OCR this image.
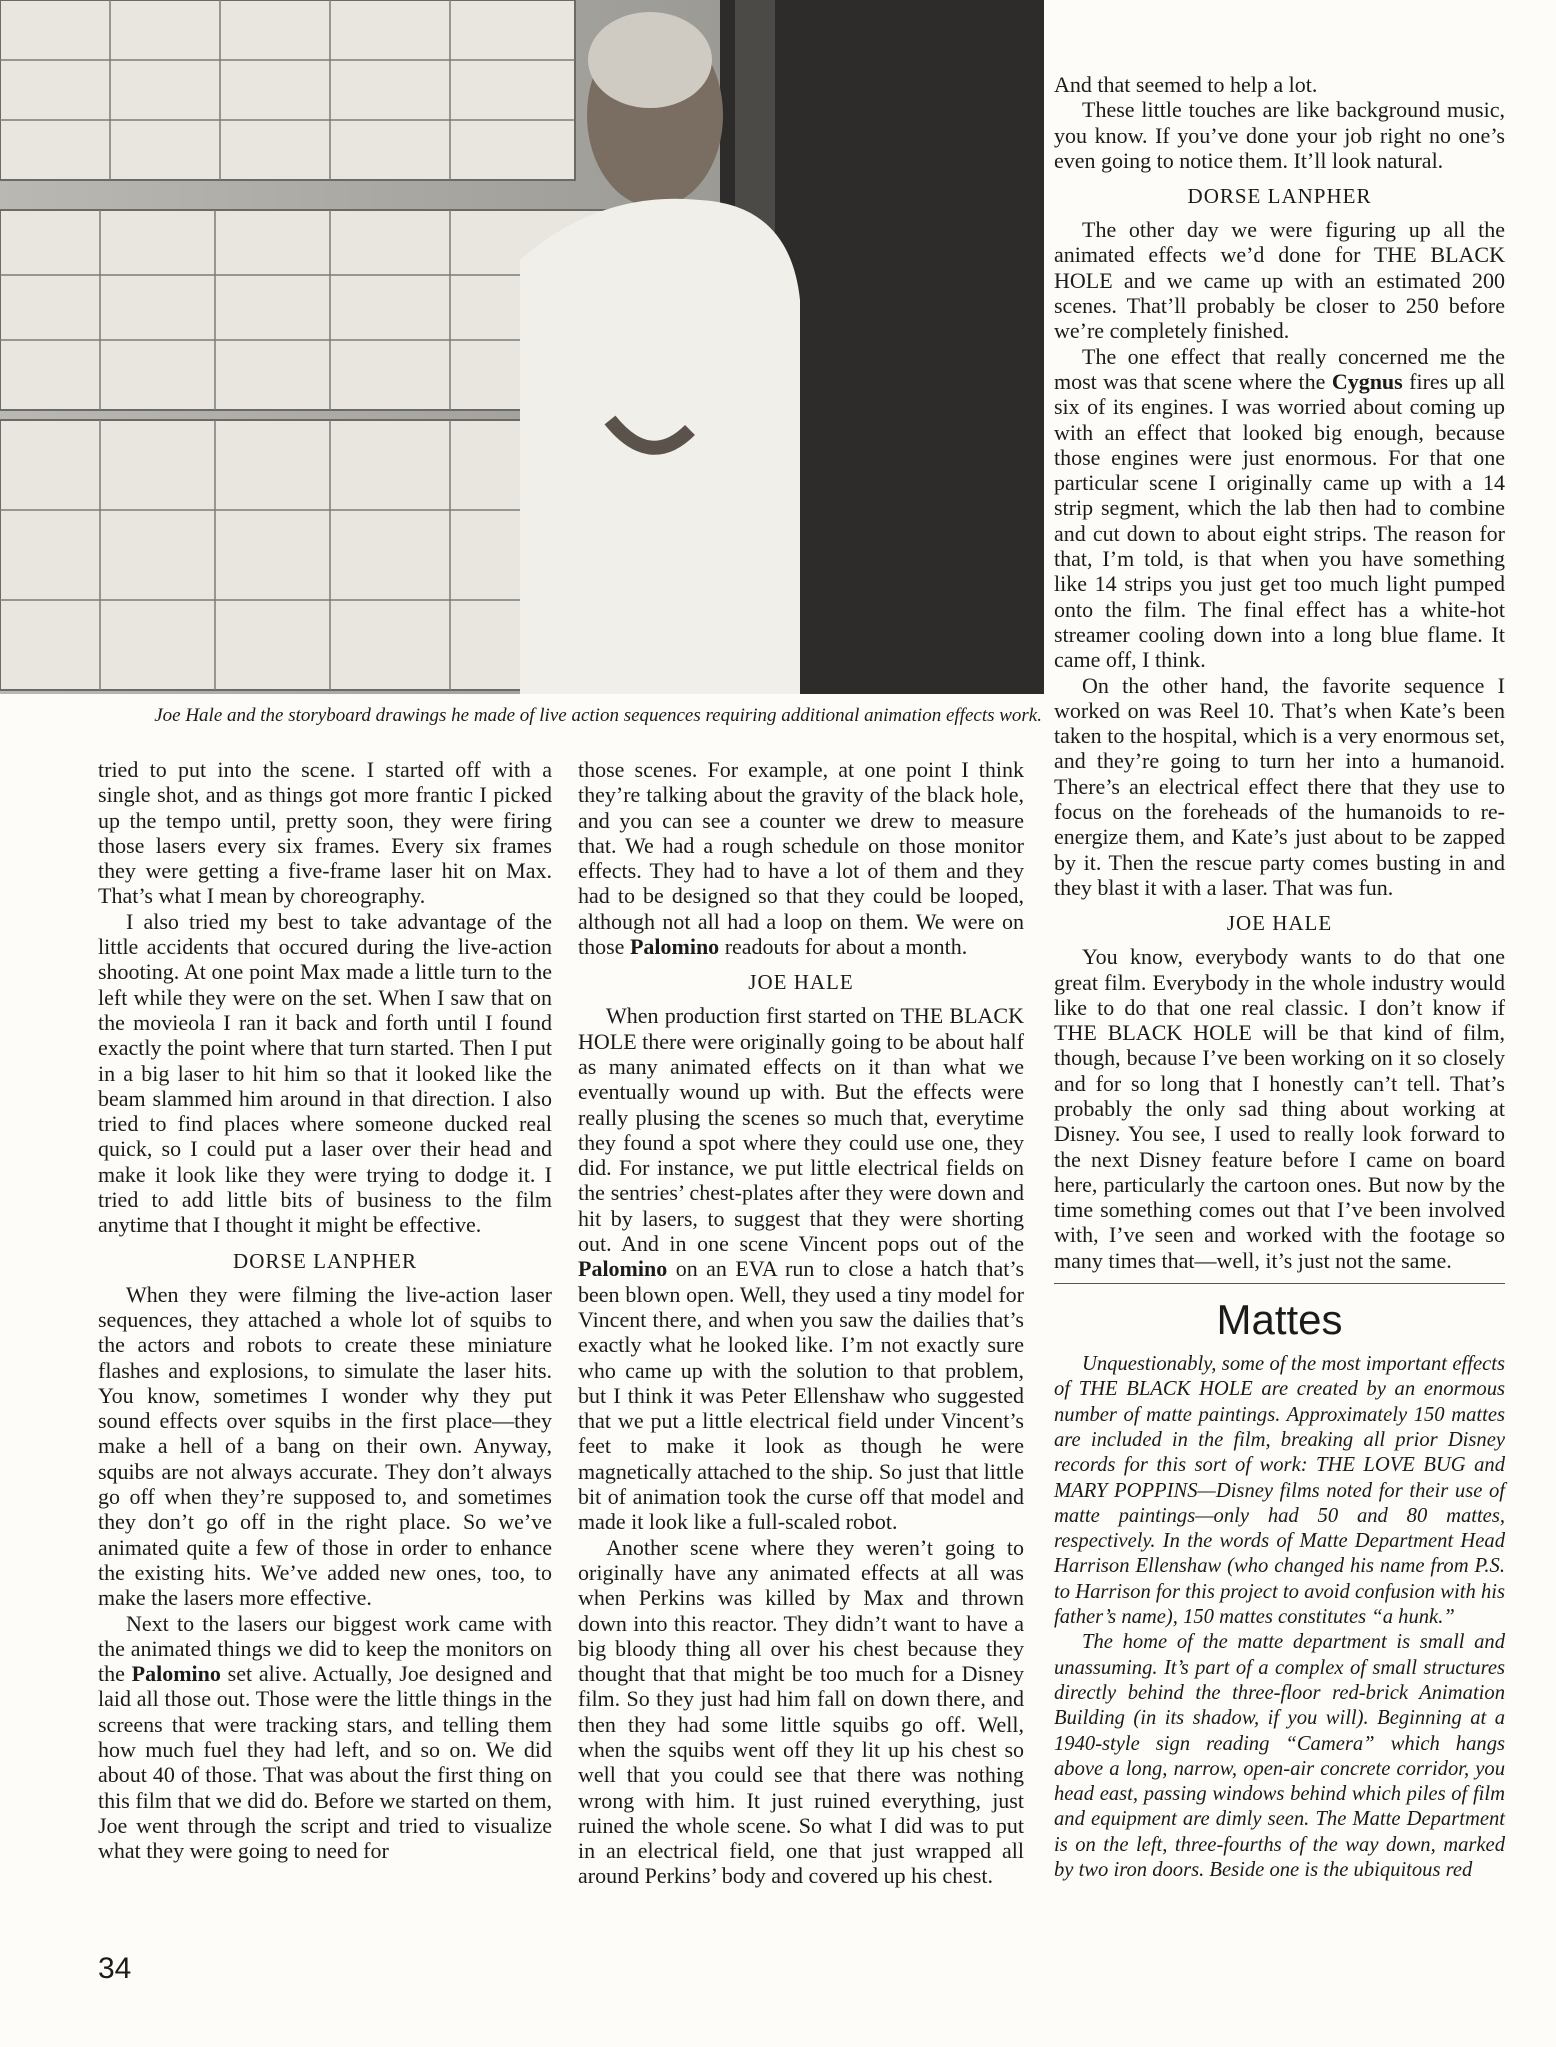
Joe Hale and the storyboard drawings he made of live action sequences requiring additional animation effects work.

tried to put into the scene. I started off with a single shot, and as things got more frantic I picked up the tempo until, pretty soon, they were firing those lasers every six frames. Every six frames they were getting a five-frame laser hit on Max. That’s what I mean by choreography.

I also tried my best to take advantage of the little accidents that occured during the live-action shooting. At one point Max made a little turn to the left while they were on the set. When I saw that on the movieola I ran it back and forth until I found exactly the point where that turn started. Then I put in a big laser to hit him so that it looked like the beam slammed him around in that direction. I also tried to find places where someone ducked real quick, so I could put a laser over their head and make it look like they were trying to dodge it. I tried to add little bits of business to the film anytime that I thought it might be effective.

DORSE LANPHER

When they were filming the live-action laser sequences, they attached a whole lot of squibs to the actors and robots to create these miniature flashes and explosions, to simulate the laser hits. You know, sometimes I wonder why they put sound effects over squibs in the first place—they make a hell of a bang on their own. Anyway, squibs are not always accurate. They don’t always go off when they’re supposed to, and sometimes they don’t go off in the right place. So we’ve animated quite a few of those in order to enhance the existing hits. We’ve added new ones, too, to make the lasers more effective.

Next to the lasers our biggest work came with the animated things we did to keep the monitors on the Palomino set alive. Actually, Joe designed and laid all those out. Those were the little things in the screens that were tracking stars, and telling them how much fuel they had left, and so on. We did about 40 of those. That was about the first thing on this film that we did do. Before we started on them, Joe went through the script and tried to visualize what they were going to need for

those scenes. For example, at one point I think they’re talking about the gravity of the black hole, and you can see a counter we drew to measure that. We had a rough schedule on those monitor effects. They had to have a lot of them and they had to be designed so that they could be looped, although not all had a loop on them. We were on those Palomino readouts for about a month.

JOE HALE

When production first started on THE BLACK HOLE there were originally going to be about half as many animated effects on it than what we eventually wound up with. But the effects were really plusing the scenes so much that, everytime they found a spot where they could use one, they did. For instance, we put little electrical fields on the sentries’ chest-plates after they were down and hit by lasers, to suggest that they were shorting out. And in one scene Vincent pops out of the Palomino on an EVA run to close a hatch that’s been blown open. Well, they used a tiny model for Vincent there, and when you saw the dailies that’s exactly what he looked like. I’m not exactly sure who came up with the solution to that problem, but I think it was Peter Ellenshaw who suggested that we put a little electrical field under Vincent’s feet to make it look as though he were magnetically attached to the ship. So just that little bit of animation took the curse off that model and made it look like a full-scaled robot.

Another scene where they weren’t going to originally have any animated effects at all was when Perkins was killed by Max and thrown down into this reactor. They didn’t want to have a big bloody thing all over his chest because they thought that that might be too much for a Disney film. So they just had him fall on down there, and then they had some little squibs go off. Well, when the squibs went off they lit up his chest so well that you could see that there was nothing wrong with him. It just ruined everything, just ruined the whole scene. So what I did was to put in an electrical field, one that just wrapped all around Perkins’ body and covered up his chest.

And that seemed to help a lot.

These little touches are like background music, you know. If you’ve done your job right no one’s even going to notice them. It’ll look natural.

DORSE LANPHER

The other day we were figuring up all the animated effects we’d done for THE BLACK HOLE and we came up with an estimated 200 scenes. That’ll probably be closer to 250 before we’re completely finished.

The one effect that really concerned me the most was that scene where the Cygnus fires up all six of its engines. I was worried about coming up with an effect that looked big enough, because those engines were just enormous. For that one particular scene I originally came up with a 14 strip segment, which the lab then had to combine and cut down to about eight strips. The reason for that, I’m told, is that when you have something like 14 strips you just get too much light pumped onto the film. The final effect has a white-hot streamer cooling down into a long blue flame. It came off, I think.

On the other hand, the favorite sequence I worked on was Reel 10. That’s when Kate’s been taken to the hospital, which is a very enormous set, and they’re going to turn her into a humanoid. There’s an electrical effect there that they use to focus on the foreheads of the humanoids to re-energize them, and Kate’s just about to be zapped by it. Then the rescue party comes busting in and they blast it with a laser. That was fun.

JOE HALE

You know, everybody wants to do that one great film. Everybody in the whole industry would like to do that one real classic. I don’t know if THE BLACK HOLE will be that kind of film, though, because I’ve been working on it so closely and for so long that I honestly can’t tell. That’s probably the only sad thing about working at Disney. You see, I used to really look forward to the next Disney feature before I came on board here, particularly the cartoon ones. But now by the time something comes out that I’ve been involved with, I’ve seen and worked with the footage so many times that—well, it’s just not the same.

Mattes

Unquestionably, some of the most important effects of THE BLACK HOLE are created by an enormous number of matte paintings. Approximately 150 mattes are included in the film, breaking all prior Disney records for this sort of work: THE LOVE BUG and MARY POPPINS—Disney films noted for their use of matte paintings—only had 50 and 80 mattes, respectively. In the words of Matte Department Head Harrison Ellenshaw (who changed his name from P.S. to Harrison for this project to avoid confusion with his father’s name), 150 mattes constitutes “a hunk.”

The home of the matte department is small and unassuming. It’s part of a complex of small structures directly behind the three-floor red-brick Animation Building (in its shadow, if you will). Beginning at a 1940-style sign reading “Camera” which hangs above a long, narrow, open-air concrete corridor, you head east, passing windows behind which piles of film and equipment are dimly seen. The Matte Department is on the left, three-fourths of the way down, marked by two iron doors. Beside one is the ubiquitous red

34
